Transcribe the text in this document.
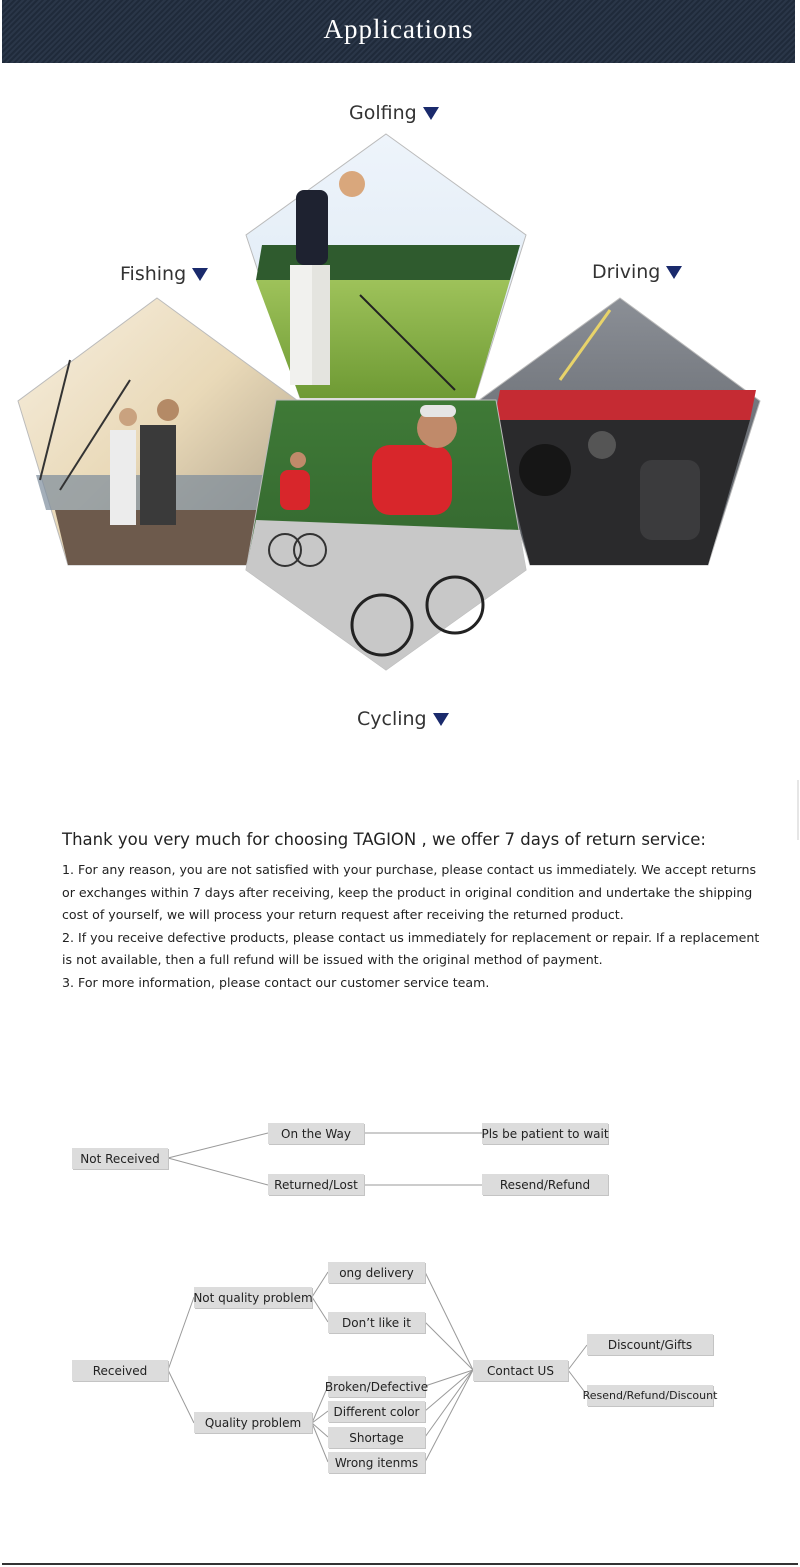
Applications
Golfing
Fishing	Driving
Cycling

Thank you very much for choosing TAGION , we offer 7 days of return service:

1. For any reason, you are not satisfied with your purchase, please contact us immediately. We accept returns or exchanges within 7 days after receiving, keep the product in original condition and undertake the shipping cost of yourself, we will process your return request after receiving the returned product.

2. If you receive defective products, please contact us immediately for replacement or repair. If a replacement is not available, then a full refund will be issued with the original method of payment.

3. For more information, please contact our customer service team.

Not Received
On the Way
Returned/Lost
Pls be patient to wait
Resend/Refund
Received
Not quality problem
Quality problem
ong delivery
Don’t like it
Broken/Defective
Different color
Shortage
Wrong itenms
Contact US
Discount/Gifts
Resend/Refund/Discount
